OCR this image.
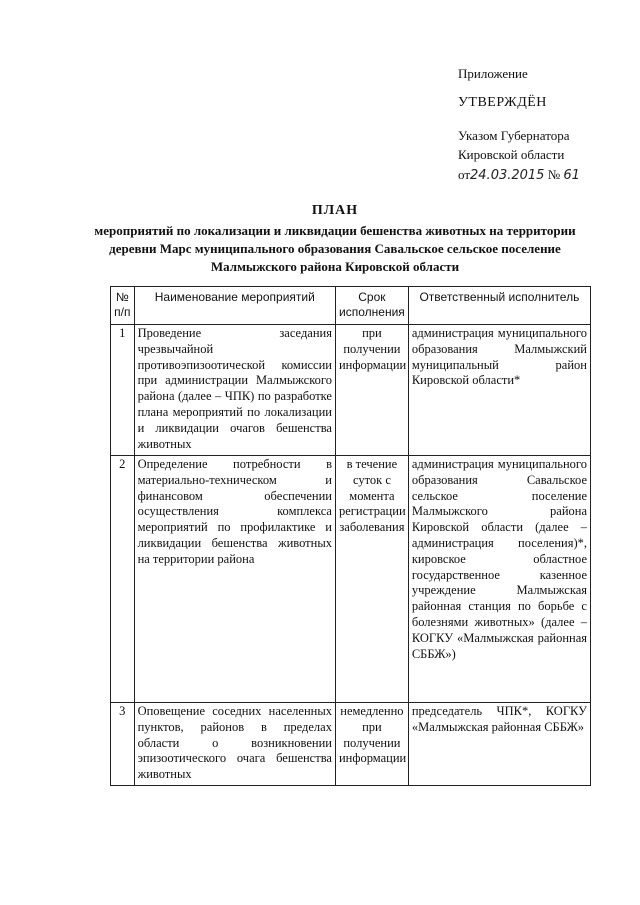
Приложение
УТВЕРЖДЁН
Указом Губернатора
Кировской области
от24.03.2015 № 61
ПЛАН
мероприятий по локализации и ликвидации бешенства животных на территории деревни Марс муниципального образования Савальское сельское поселение Малмыжского района Кировской области
№ п/п	Наименование мероприятий	Срок исполнения	Ответственный исполнитель
1	Проведение заседания чрезвычайной противоэпизоотической комиссии при администрации Малмыжского района (далее – ЧПК) по разработке плана мероприятий по локализации и ликвидации очагов бешенства животных	при получении информации	администрация муниципального образования Малмыжский муниципальный район Кировской области*
2	Определение потребности в материально-техническом и финансовом обеспечении осуществления комплекса мероприятий по профилактике и ликвидации бешенства животных на территории района	в течение суток с момента регистрации заболевания	администрация муниципального образования Савальское сельское поселение Малмыжского района Кировской области (далее – администрация поселения)*, кировское областное государственное казенное учреждение Малмыжская районная станция по борьбе с болезнями животных» (далее – КОГКУ «Малмыжская районная СББЖ»)
3	Оповещение соседних населенных пунктов, районов в пределах области о возникновении эпизоотического очага бешенства животных	немедленно при получении информации	председатель ЧПК*, КОГКУ «Малмыжская районная СББЖ»
